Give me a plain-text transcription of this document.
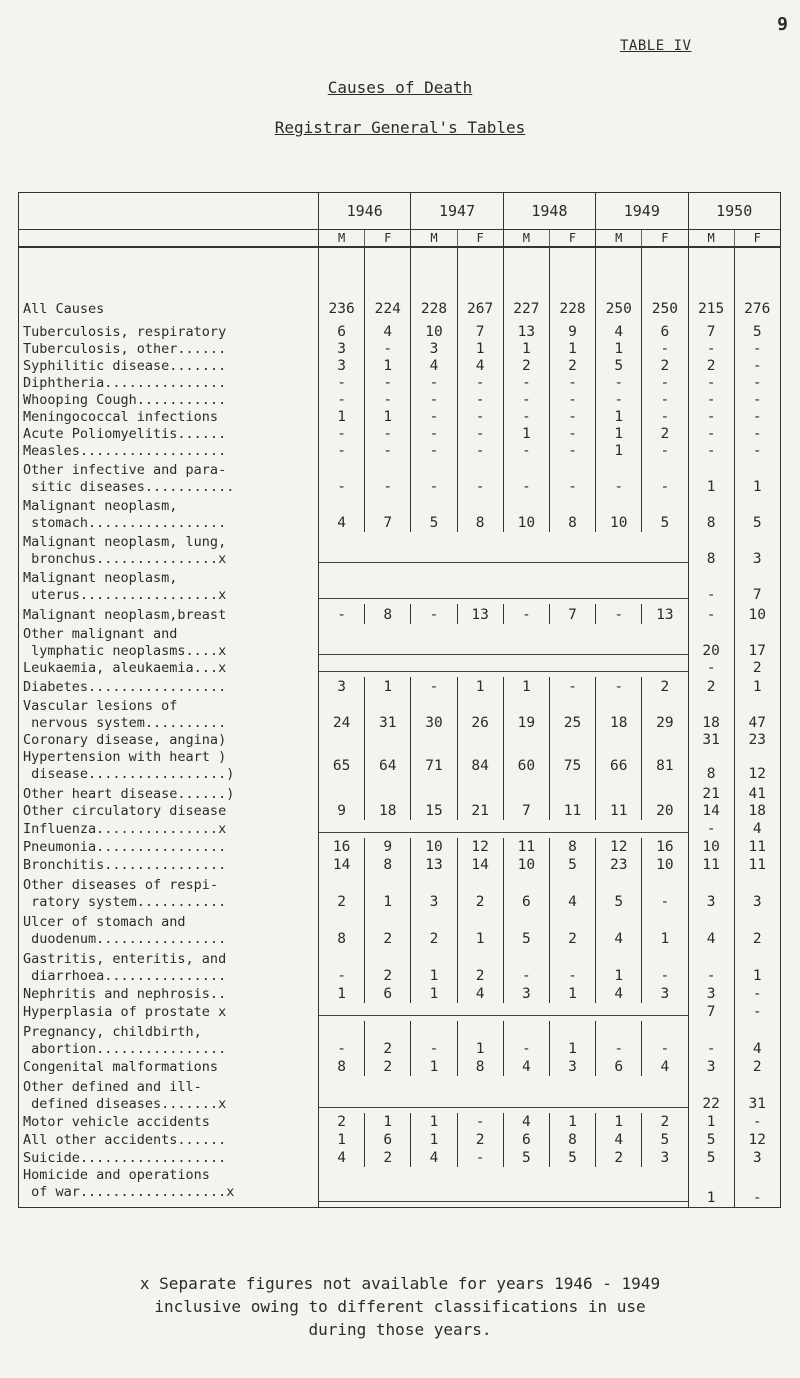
9
TABLE IV
Causes of Death
Registrar General's Tables
	1946		1947		1948		1949		1950	
	M	F	M	F	M	F	M	F	M	F

All Causes	236	224	228	267	227	228	250	250	215	276
Tuberculosis, respiratory	6	4	10	7	13	9	4	6	7	5
Tuberculosis, other......	3	-	3	1	1	1	1	-	-	-
Syphilitic disease.......	3	1	4	4	2	2	5	2	2	-
Diphtheria...............	-	-	-	-	-	-	-	-	-	-
Whooping Cough...........	-	-	-	-	-	-	-	-	-	-
Meningococcal infections	1	1	-	-	-	-	1	-	-	-
Acute Poliomyelitis......	-	-	-	-	1	-	1	2	-	-
Measles..................	-	-	-	-	-	-	1	-	-	-
Other infective and para-
sitic diseases...........	-	-	-	-	-	-	-	-	1	1
Malignant neoplasm,
stomach.................	4	7	5	8	10	8	10	5	8	5
Malignant neoplasm, lung,
bronchus...............x									8	3
Malignant neoplasm,
uterus.................x									-	7
Malignant neoplasm,breast	-	8	-	13	-	7	-	13	-	10
Other malignant and
lymphatic neoplasms....x									20	17
Leukaemia, aleukaemia...x									-	2
Diabetes.................	3	1	-	1	1	-	-	2	2	1
Vascular lesions of
nervous system..........	24	31	30	26	19	25	18	29	18	47
Coronary disease, angina)									31	23
Hypertension with heart )
disease.................)	65	64	71	84	60	75	66	81	8	12
Other heart disease......)									21	41
Other circulatory disease	9	18	15	21	7	11	11	20	14	18
Influenza...............x									-	4
Pneumonia................	16	9	10	12	11	8	12	16	10	11
Bronchitis...............	14	8	13	14	10	5	23	10	11	11
Other diseases of respi-
ratory system...........	2	1	3	2	6	4	5	-	3	3
Ulcer of stomach and
duodenum................	8	2	2	1	5	2	4	1	4	2
Gastritis, enteritis, and
diarrhoea...............	-	2	1	2	-	-	1	-	-	1
Nephritis and nephrosis..	1	6	1	4	3	1	4	3	3	-
Hyperplasia of prostate x									7	-
Pregnancy, childbirth,
abortion................	-	2	-	1	-	1	-	-	-	4
Congenital malformations	8	2	1	8	4	3	6	4	3	2
Other defined and ill-
defined diseases.......x									22	31
Motor vehicle accidents	2	1	1	-	4	1	1	2	1	-
All other accidents......	1	6	1	2	6	8	4	5	5	12
Suicide..................	4	2	4	-	5	5	2	3	5	3
Homicide and operations
of war..................x									1	-
x Separate figures not available for years 1946 - 1949
inclusive owing to different classifications in use
during those years.
